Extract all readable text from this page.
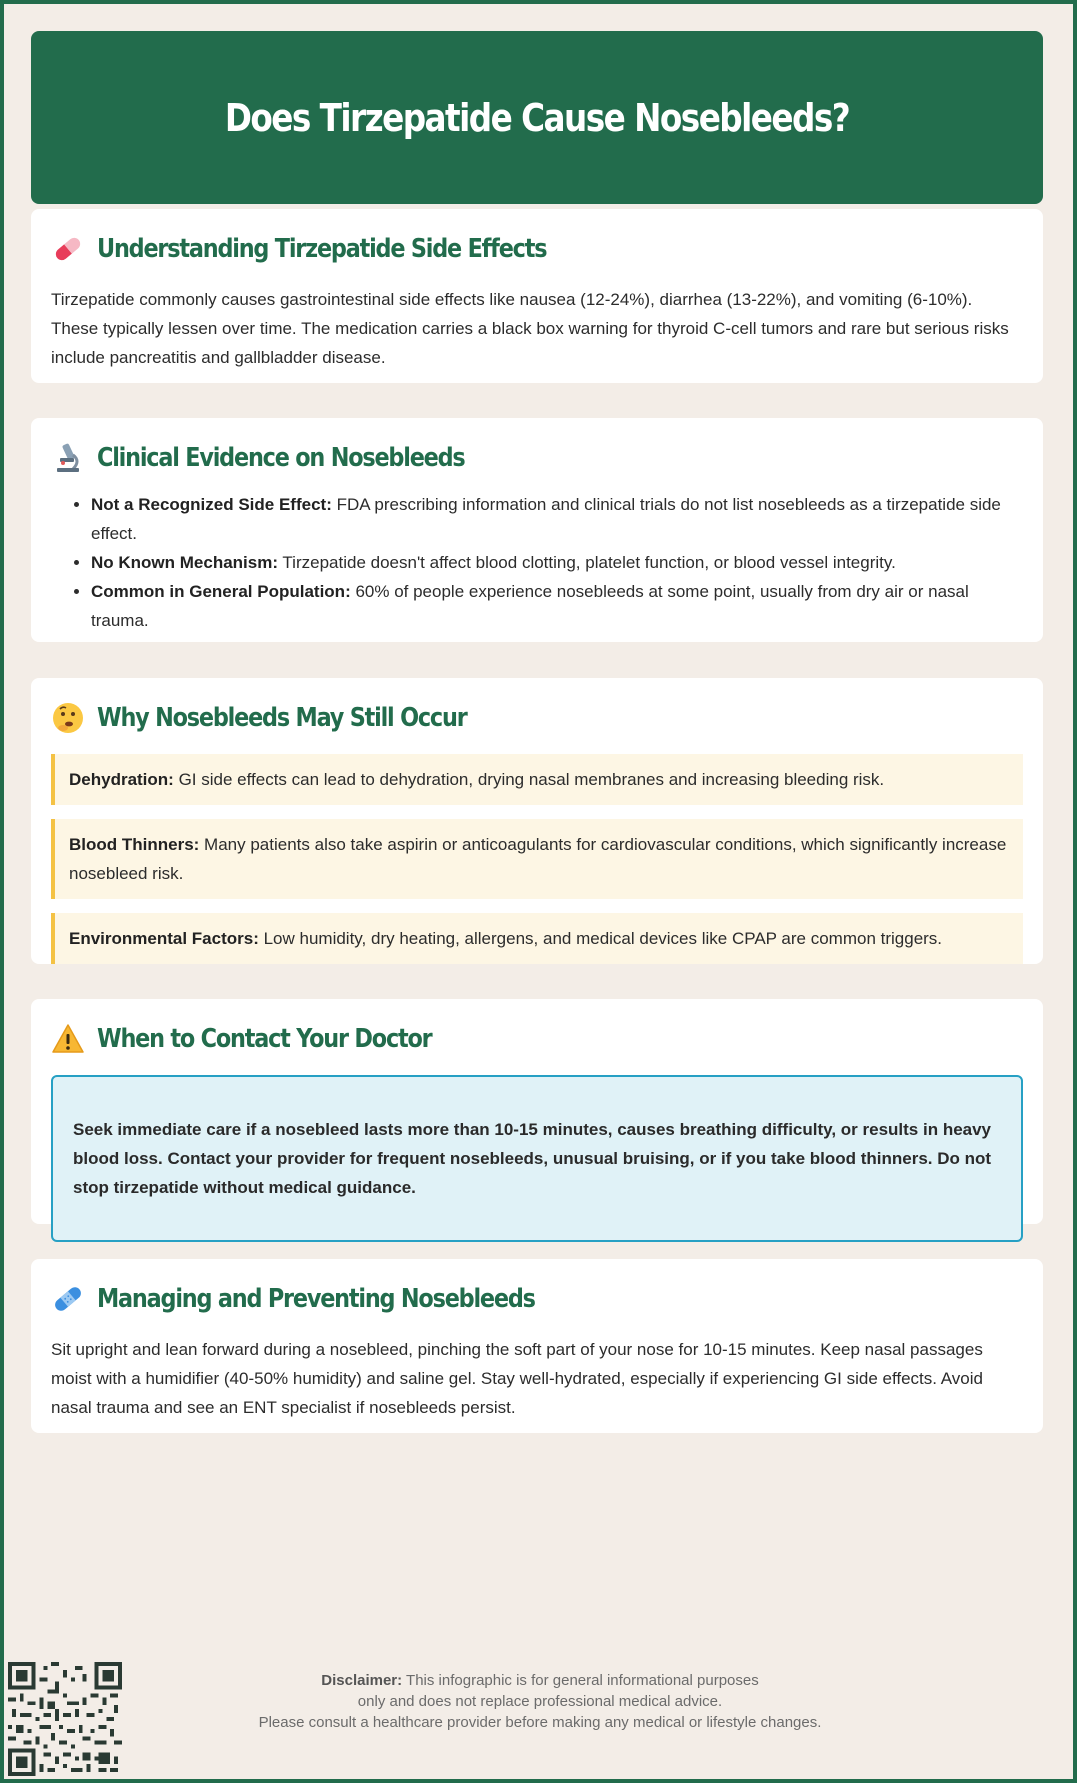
Does Tirzepatide Cause Nosebleeds?
Understanding Tirzepatide Side Effects

Tirzepatide commonly causes gastrointestinal side effects like nausea (12-24%), diarrhea (13-22%), and vomiting (6-10%). These typically lessen over time. The medication carries a black box warning for thyroid C-cell tumors and rare but serious risks include pancreatitis and gallbladder disease.

Clinical Evidence on Nosebleeds
• Not a Recognized Side Effect: FDA prescribing information and clinical trials do not list nosebleeds as a tirzepatide side effect.
• No Known Mechanism: Tirzepatide doesn't affect blood clotting, platelet function, or blood vessel integrity.
• Common in General Population: 60% of people experience nosebleeds at some point, usually from dry air or nasal trauma.
Why Nosebleeds May Still Occur
Dehydration: GI side effects can lead to dehydration, drying nasal membranes and increasing bleeding risk.
Blood Thinners: Many patients also take aspirin or anticoagulants for cardiovascular conditions, which significantly increase nosebleed risk.
Environmental Factors: Low humidity, dry heating, allergens, and medical devices like CPAP are common triggers.
When to Contact Your Doctor
Seek immediate care if a nosebleed lasts more than 10-15 minutes, causes breathing difficulty, or results in heavy blood loss. Contact your provider for frequent nosebleeds, unusual bruising, or if you take blood thinners. Do not stop tirzepatide without medical guidance.
Managing and Preventing Nosebleeds

Sit upright and lean forward during a nosebleed, pinching the soft part of your nose for 10-15 minutes. Keep nasal passages moist with a humidifier (40-50% humidity) and saline gel. Stay well-hydrated, especially if experiencing GI side effects. Avoid nasal trauma and see an ENT specialist if nosebleeds persist.

Disclaimer: This infographic is for general informational purposes
only and does not replace professional medical advice.
Please consult a healthcare provider before making any medical or lifestyle changes.
